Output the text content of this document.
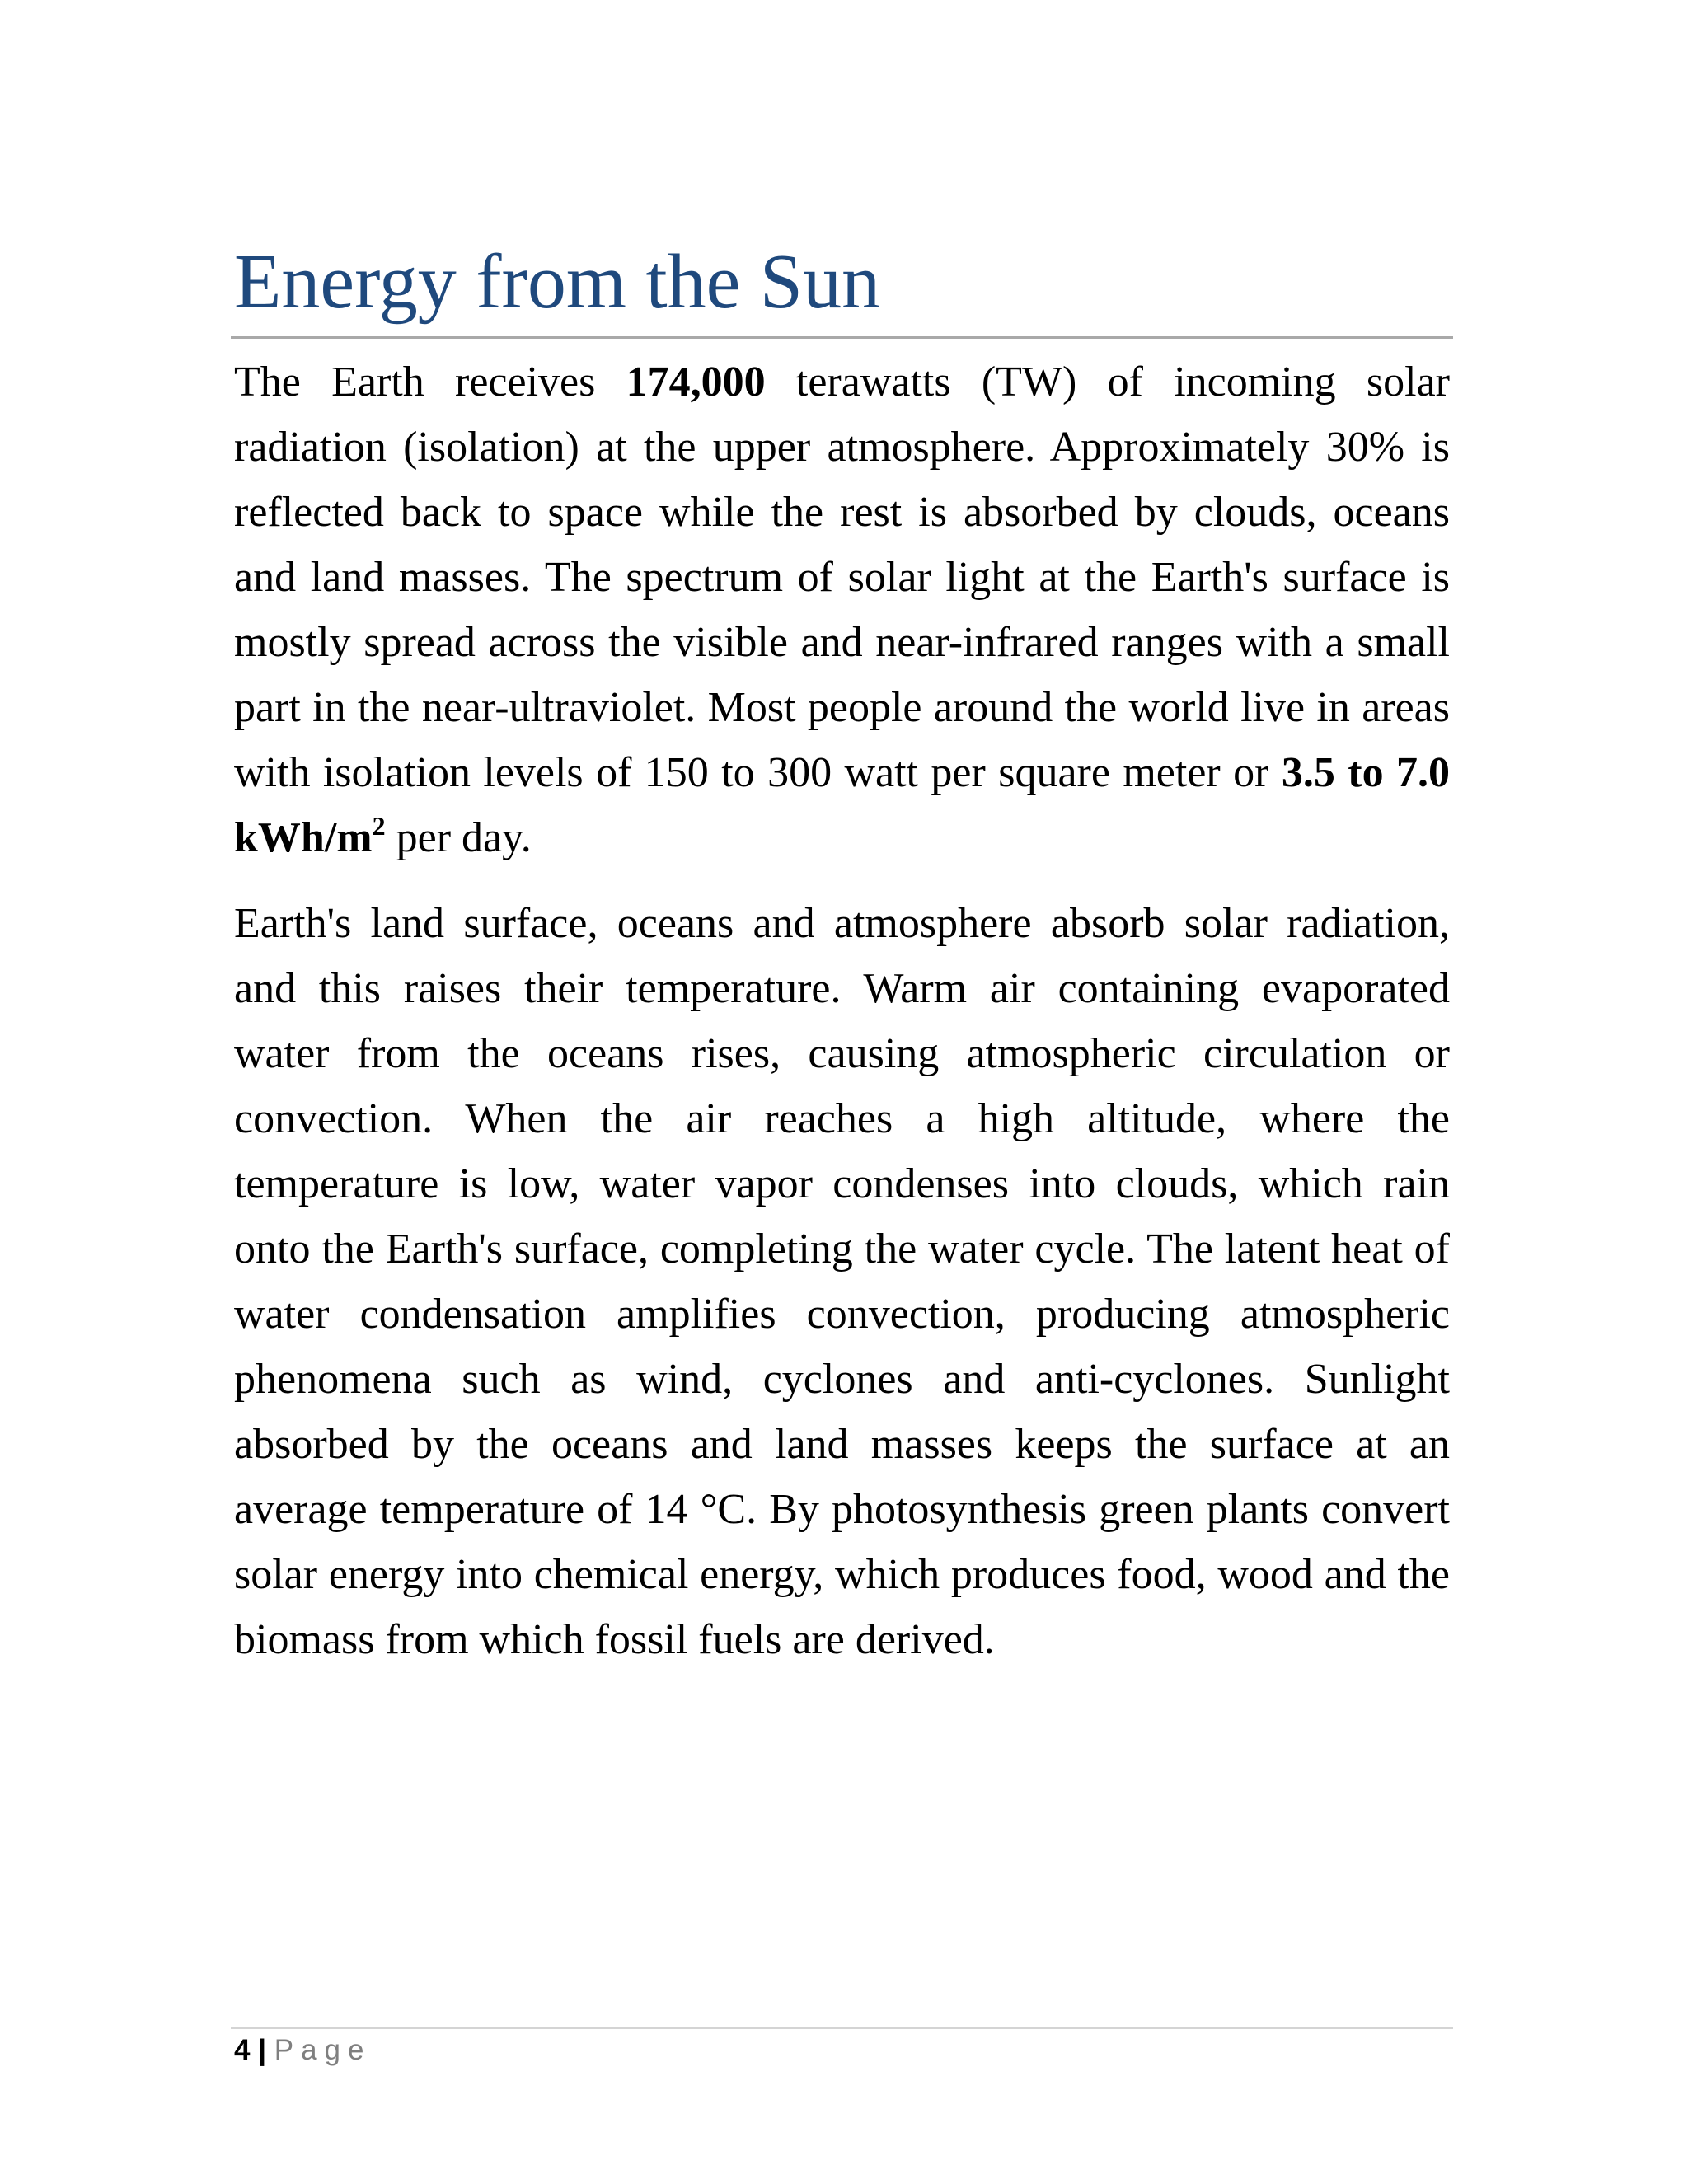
Energy from the Sun

The Earth receives 174,000 terawatts (TW) of incoming solar radiation (isolation) at the upper atmosphere. Approximately 30% is reflected back to space while the rest is absorbed by clouds, oceans and land masses. The spectrum of solar light at the Earth's surface is mostly spread across the visible and near-infrared ranges with a small part in the near-ultraviolet. Most people around the world live in areas with isolation levels of 150 to 300 watt per square meter or 3.5 to 7.0 kWh/$m^2$ per day.

Earth's land surface, oceans and atmosphere absorb solar radiation, and this raises their temperature. Warm air containing evaporated water from the oceans rises, causing atmospheric circulation or convection. When the air reaches a high altitude, where the temperature is low, water vapor condenses into clouds, which rain onto the Earth's surface, completing the water cycle. The latent heat of water condensation amplifies convection, producing atmospheric phenomena such as wind, cyclones and anti-cyclones. Sunlight absorbed by the oceans and land masses keeps the surface at an average temperature of 14 °C. By photosynthesis green plants convert solar energy into chemical energy, which produces food, wood and the biomass from which fossil fuels are derived.

4 | Page
